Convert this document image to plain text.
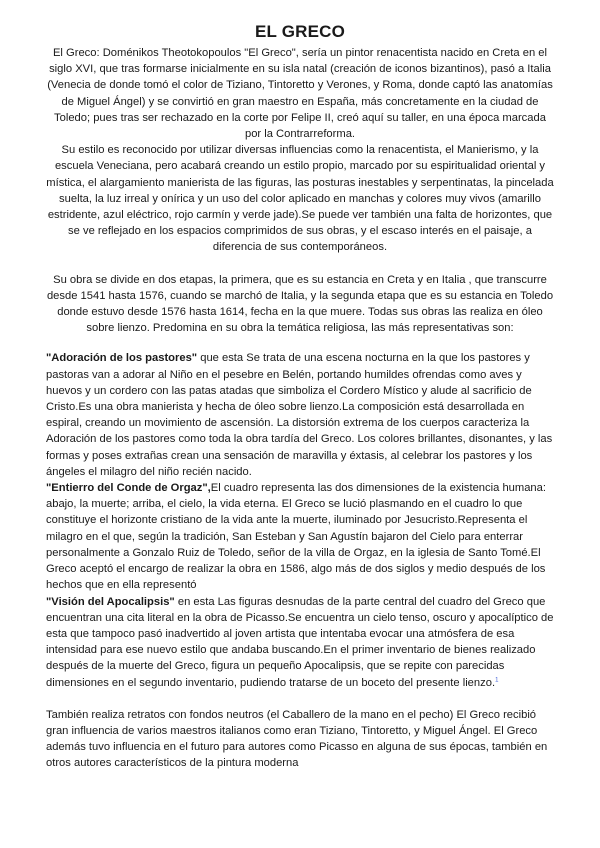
EL GRECO

El Greco: Doménikos Theotokopoulos "El Greco", sería un pintor renacentista nacido en Creta en el siglo XVI, que tras formarse inicialmente en su isla natal (creación de iconos bizantinos), pasó a Italia (Venecia de donde tomó el color de Tiziano, Tintoretto y Verones, y Roma, donde captó las anatomías de Miguel Ángel) y se convirtió en gran maestro en España, más concretamente en la ciudad de Toledo; pues tras ser rechazado en la corte por Felipe II, creó aquí su taller, en una época marcada por la Contrarreforma.

Su estilo es reconocido por utilizar diversas influencias como la renacentista, el Manierismo, y la escuela Veneciana, pero acabará creando un estilo propio, marcado por su espiritualidad oriental y mística, el alargamiento manierista de las figuras, las posturas inestables y serpentinatas, la pincelada suelta, la luz irreal y onírica y un uso del color aplicado en manchas y colores muy vivos (amarillo estridente, azul eléctrico, rojo carmín y verde jade).Se puede ver también una falta de horizontes, que se ve reflejado en los espacios comprimidos de sus obras, y el escaso interés en el paisaje, a diferencia de sus contemporáneos.

Su obra se divide en dos etapas, la primera, que es su estancia en Creta y en Italia , que transcurre desde 1541 hasta 1576, cuando se marchó de Italia, y la segunda etapa que es su estancia en Toledo donde estuvo desde 1576 hasta 1614, fecha en la que muere. Todas sus obras las realiza en óleo sobre lienzo. Predomina en su obra la temática religiosa, las más representativas son:

"Adoración de los pastores" que esta Se trata de una escena nocturna en la que los pastores y pastoras van a adorar al Niño en el pesebre en Belén, portando humildes ofrendas como aves y huevos y un cordero con las patas atadas que simboliza el Cordero Místico y alude al sacrificio de Cristo.Es una obra manierista y hecha de óleo sobre lienzo.La composición está desarrollada en espiral, creando un movimiento de ascensión. La distorsión extrema de los cuerpos caracteriza la Adoración de los pastores como toda la obra tardía del Greco. Los colores brillantes, disonantes, y las formas y poses extrañas crean una sensación de maravilla y éxtasis, al celebrar los pastores y los ángeles el milagro del niño recién nacido.

"Entierro del Conde de Orgaz",El cuadro representa las dos dimensiones de la existencia humana: abajo, la muerte; arriba, el cielo, la vida eterna. El Greco se lució plasmando en el cuadro lo que constituye el horizonte cristiano de la vida ante la muerte, iluminado por Jesucristo.Representa el milagro en el que, según la tradición, San Esteban y San Agustín bajaron del Cielo para enterrar personalmente a Gonzalo Ruiz de Toledo, señor de la villa de Orgaz, en la iglesia de Santo Tomé.El Greco aceptó el encargo de realizar la obra en 1586, algo más de dos siglos y medio después de los hechos que en ella representó

"Visión del Apocalipsis" en esta Las figuras desnudas de la parte central del cuadro del Greco que encuentran una cita literal en la obra de Picasso.Se encuentra un cielo tenso, oscuro y apocalíptico de esta que tampoco pasó inadvertido al joven artista que intentaba evocar una atmósfera de esa intensidad para ese nuevo estilo que andaba buscando.En el primer inventario de bienes realizado después de la muerte del Greco, figura un pequeño Apocalipsis, que se repite con parecidas dimensiones en el segundo inventario, pudiendo tratarse de un boceto del presente lienzo.$^1$

También realiza retratos con fondos neutros (el Caballero de la mano en el pecho) El Greco recibió gran influencia de varios maestros italianos como eran Tiziano, Tintoretto, y Miguel Ángel. El Greco además tuvo influencia en el futuro para autores como Picasso en alguna de sus épocas, también en otros autores característicos de la pintura moderna
